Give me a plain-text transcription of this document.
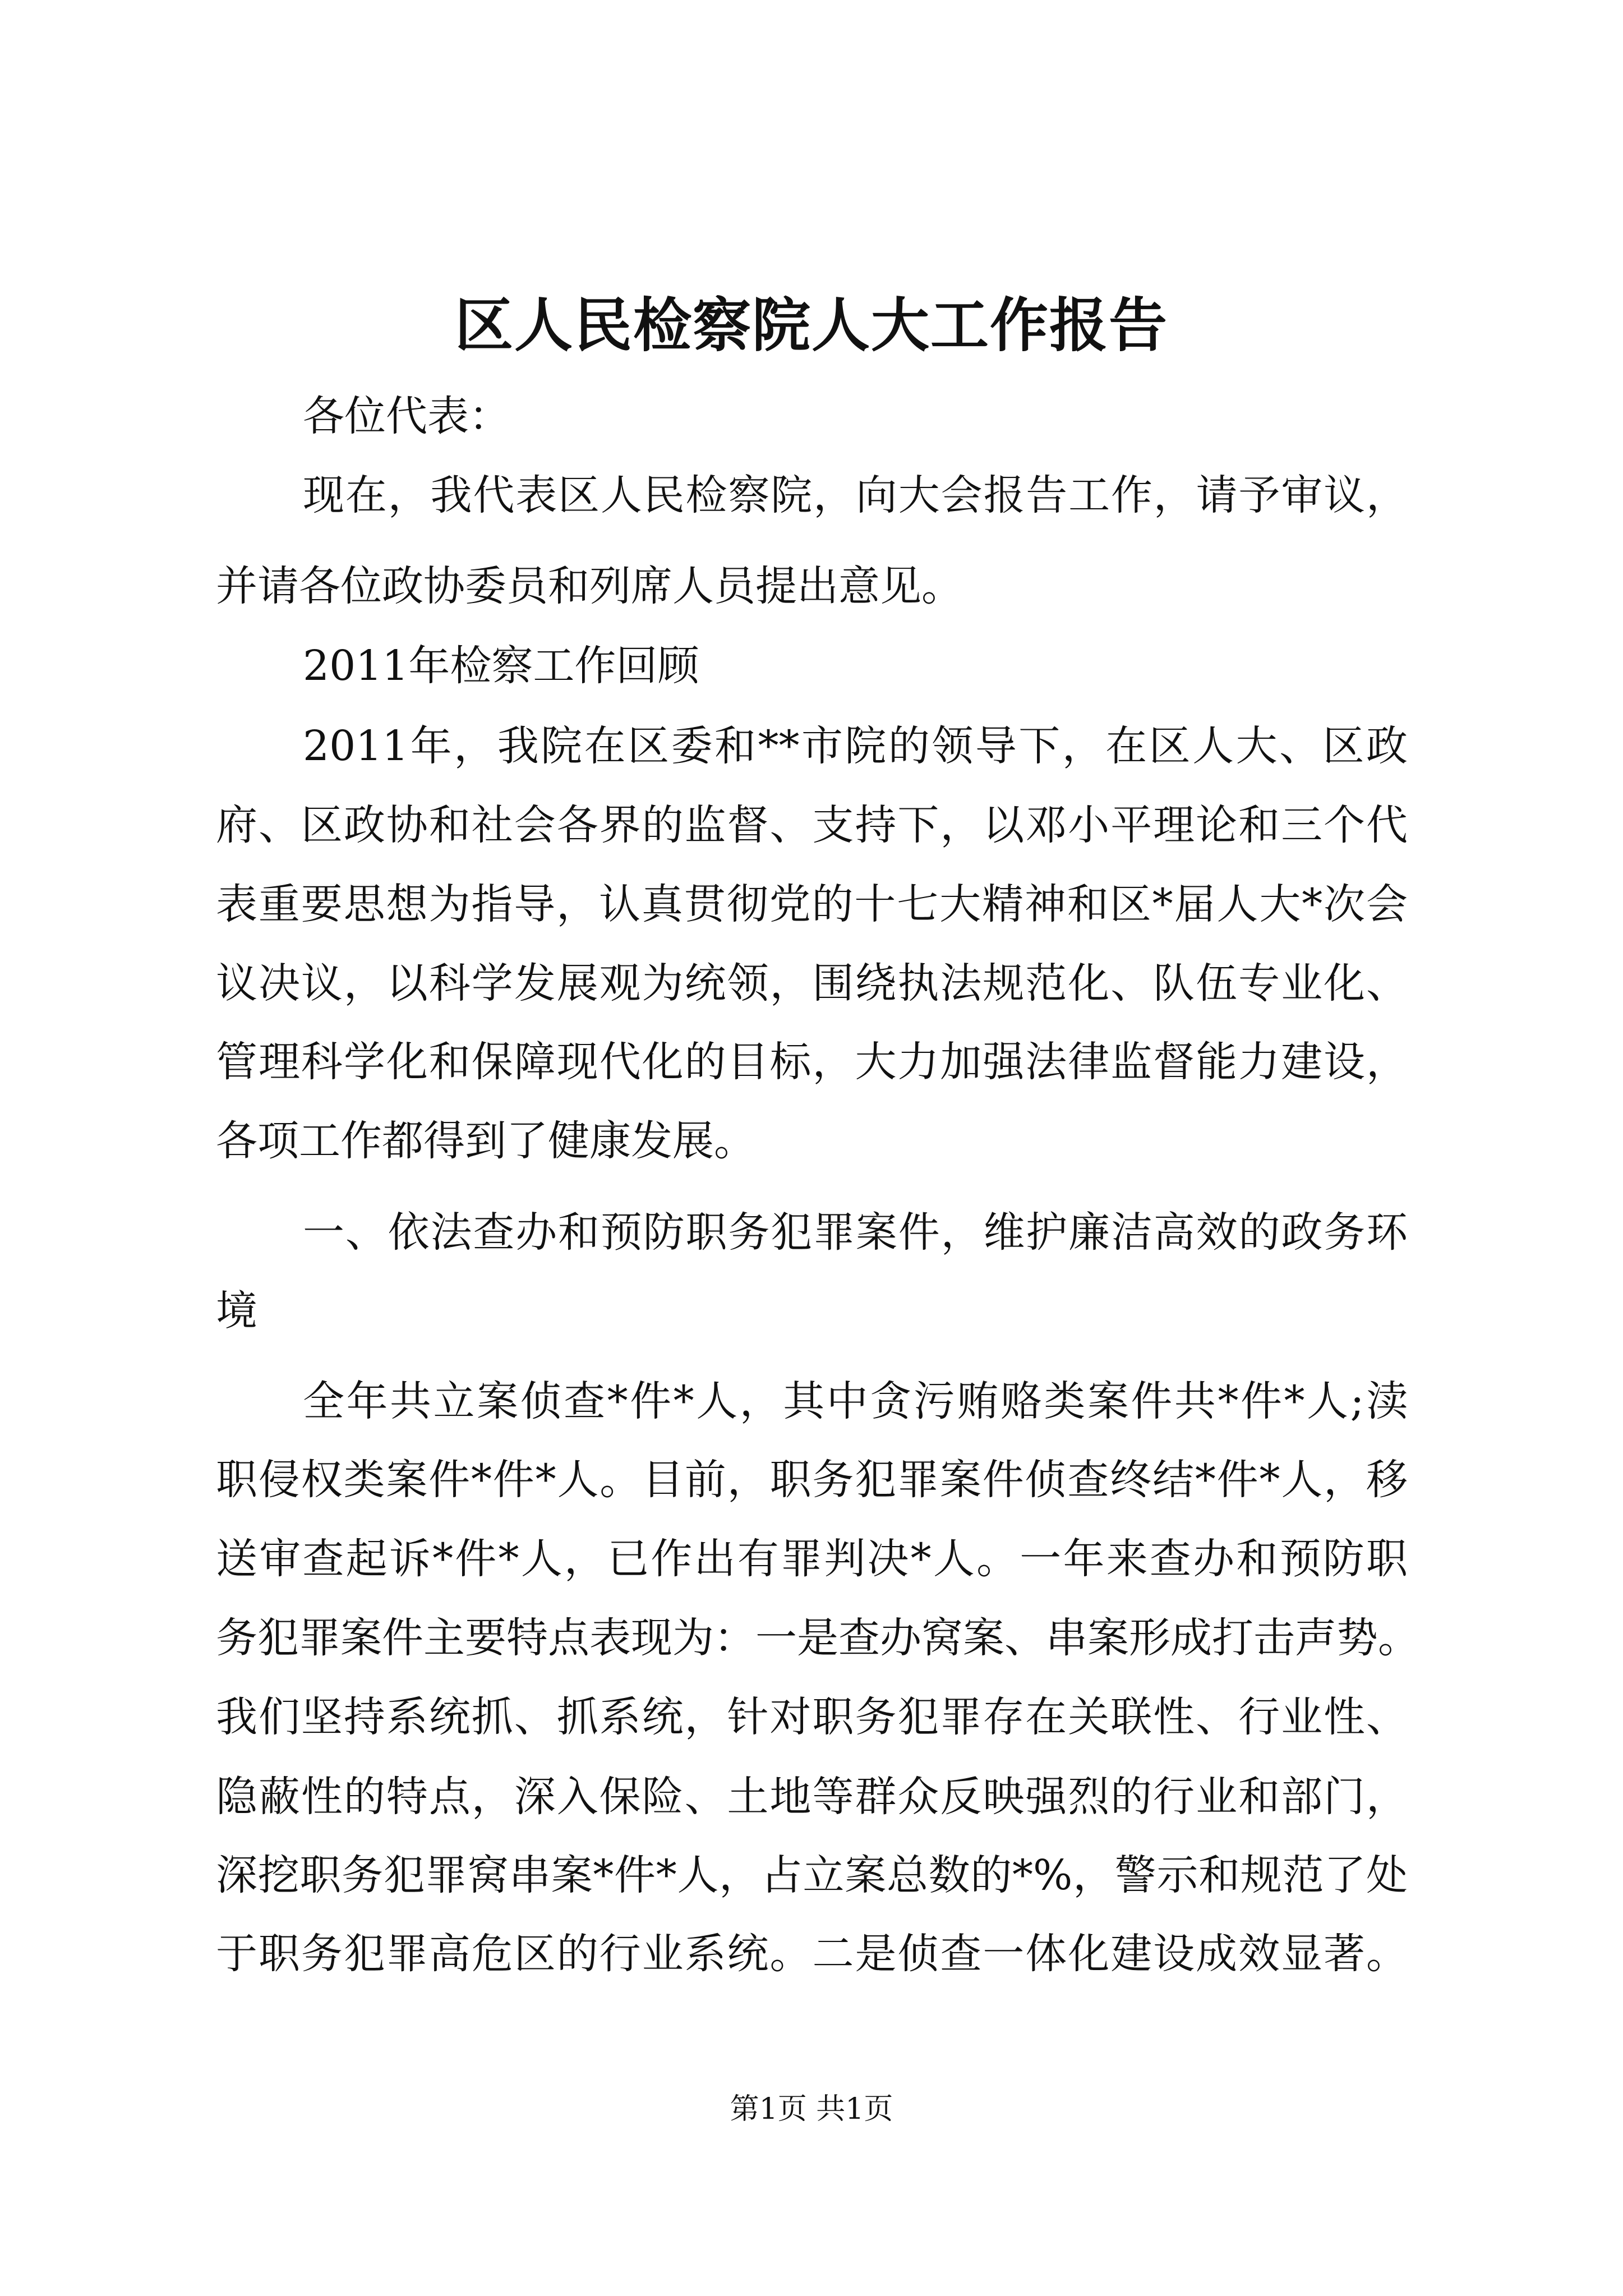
区人民检察院人大工作报告
各位代表：
现在，我代表区人民检察院，向大会报告工作，请予审议，
并请各位政协委员和列席人员提出意见。
2011年检察工作回顾
2011年，我院在区委和**市院的领导下，在区人大、区政
府、区政协和社会各界的监督、支持下，以邓小平理论和三个代
表重要思想为指导，认真贯彻党的十七大精神和区*届人大*次会
议决议，以科学发展观为统领，围绕执法规范化、队伍专业化、
管理科学化和保障现代化的目标，大力加强法律监督能力建设，
各项工作都得到了健康发展。
一、依法查办和预防职务犯罪案件，维护廉洁高效的政务环
境
全年共立案侦查*件*人，其中贪污贿赂类案件共*件*人;渎
职侵权类案件*件*人。目前，职务犯罪案件侦查终结*件*人，移
送审查起诉*件*人，已作出有罪判决*人。一年来查办和预防职
务犯罪案件主要特点表现为：一是查办窝案、串案形成打击声势。
我们坚持系统抓、抓系统，针对职务犯罪存在关联性、行业性、
隐蔽性的特点，深入保险、土地等群众反映强烈的行业和部门，
深挖职务犯罪窝串案*件*人，占立案总数的*%，警示和规范了处
于职务犯罪高危区的行业系统。二是侦查一体化建设成效显著。
第1页 共1页
